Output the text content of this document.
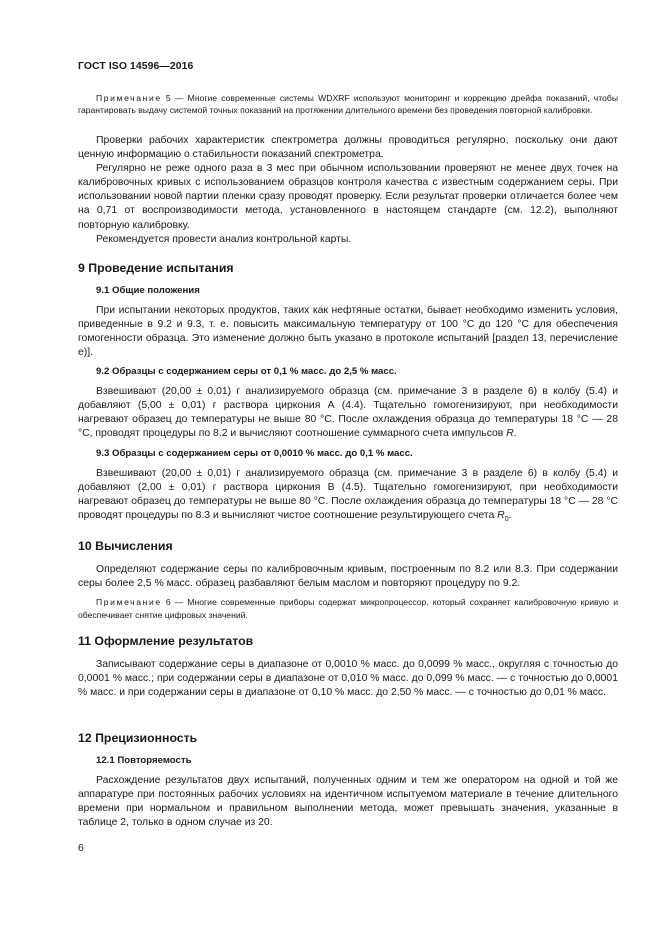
ГОСТ ISO 14596—2016

Примечание 5 — Многие современные системы WDXRF используют мониторинг и коррекцию дрейфа показаний, чтобы гарантировать выдачу системой точных показаний на протяжении длительного времени без проведения повторной калибровки.

Проверки рабочих характеристик спектрометра должны проводиться регулярно, поскольку они дают ценную информацию о стабильности показаний спектрометра.

Регулярно не реже одного раза в 3 мес при обычном использовании проверяют не менее двух точек на калибровочных кривых с использованием образцов контроля качества с известным содержанием серы. При использовании новой партии пленки сразу проводят проверку. Если результат проверки отличается более чем на 0,71 от воспроизводимости метода, установленного в настоящем стандарте (см. 12.2), выполняют повторную калибровку.

Рекомендуется провести анализ контрольной карты.

9 Проведение испытания
9.1 Общие положения

При испытании некоторых продуктов, таких как нефтяные остатки, бывает необходимо изменить условия, приведенные в 9.2 и 9.3, т. е. повысить максимальную температуру от 100 °С до 120 °С для обеспечения гомогенности образца. Это изменение должно быть указано в протоколе испытаний [раздел 13, перечисление е)].

9.2 Образцы с содержанием серы от 0,1 % масс. до 2,5 % масс.

Взвешивают (20,00 ± 0,01) г анализируемого образца (см. примечание 3 в разделе 6) в колбу (5.4) и добавляют (5,00 ± 0,01) г раствора циркония А (4.4). Тщательно гомогенизируют, при необходимости нагревают образец до температуры не выше 80 °С. После охлаждения образца до температуры 18 °С — 28 °С, проводят процедуры по 8.2 и вычисляют соотношение суммарного счета импульсов R.

9.3 Образцы с содержанием серы от 0,0010 % масс. до 0,1 % масс.

Взвешивают (20,00 ± 0,01) г анализируемого образца (см. примечание 3 в разделе 6) в колбу (5.4) и добавляют (2,00 ± 0,01) г раствора циркония В (4.5). Тщательно гомогенизируют, при необходимости нагревают образец до температуры не выше 80 °С. После охлаждения образца до температуры 18 °С — 28 °С проводят процедуры по 8.3 и вычисляют чистое соотношение результирующего счета $R_0$.

10 Вычисления

Определяют содержание серы по калибровочным кривым, построенным по 8.2 или 8.3. При содержании серы более 2,5 % масс. образец разбавляют белым маслом и повторяют процедуру по 9.2.

Примечание 6 — Многие современные приборы содержат микропроцессор, который сохраняет калибровочную кривую и обеспечивает снятие цифровых значений.

11 Оформление результатов

Записывают содержание серы в диапазоне от 0,0010 % масс. до 0,0099 % масс., округляя с точностью до 0,0001 % масс.; при содержании серы в диапазоне от 0,010 % масс. до 0,099 % масс. — с точностью до 0,0001 % масс. и при содержании серы в диапазоне от 0,10 % масс. до 2,50 % масс. — с точностью до 0,01 % масс.

12 Прецизионность
12.1 Повторяемость

Расхождение результатов двух испытаний, полученных одним и тем же оператором на одной и той же аппаратуре при постоянных рабочих условиях на идентичном испытуемом материале в течение длительного времени при нормальном и правильном выполнении метода, может превышать значения, указанные в таблице 2, только в одном случае из 20.

6
